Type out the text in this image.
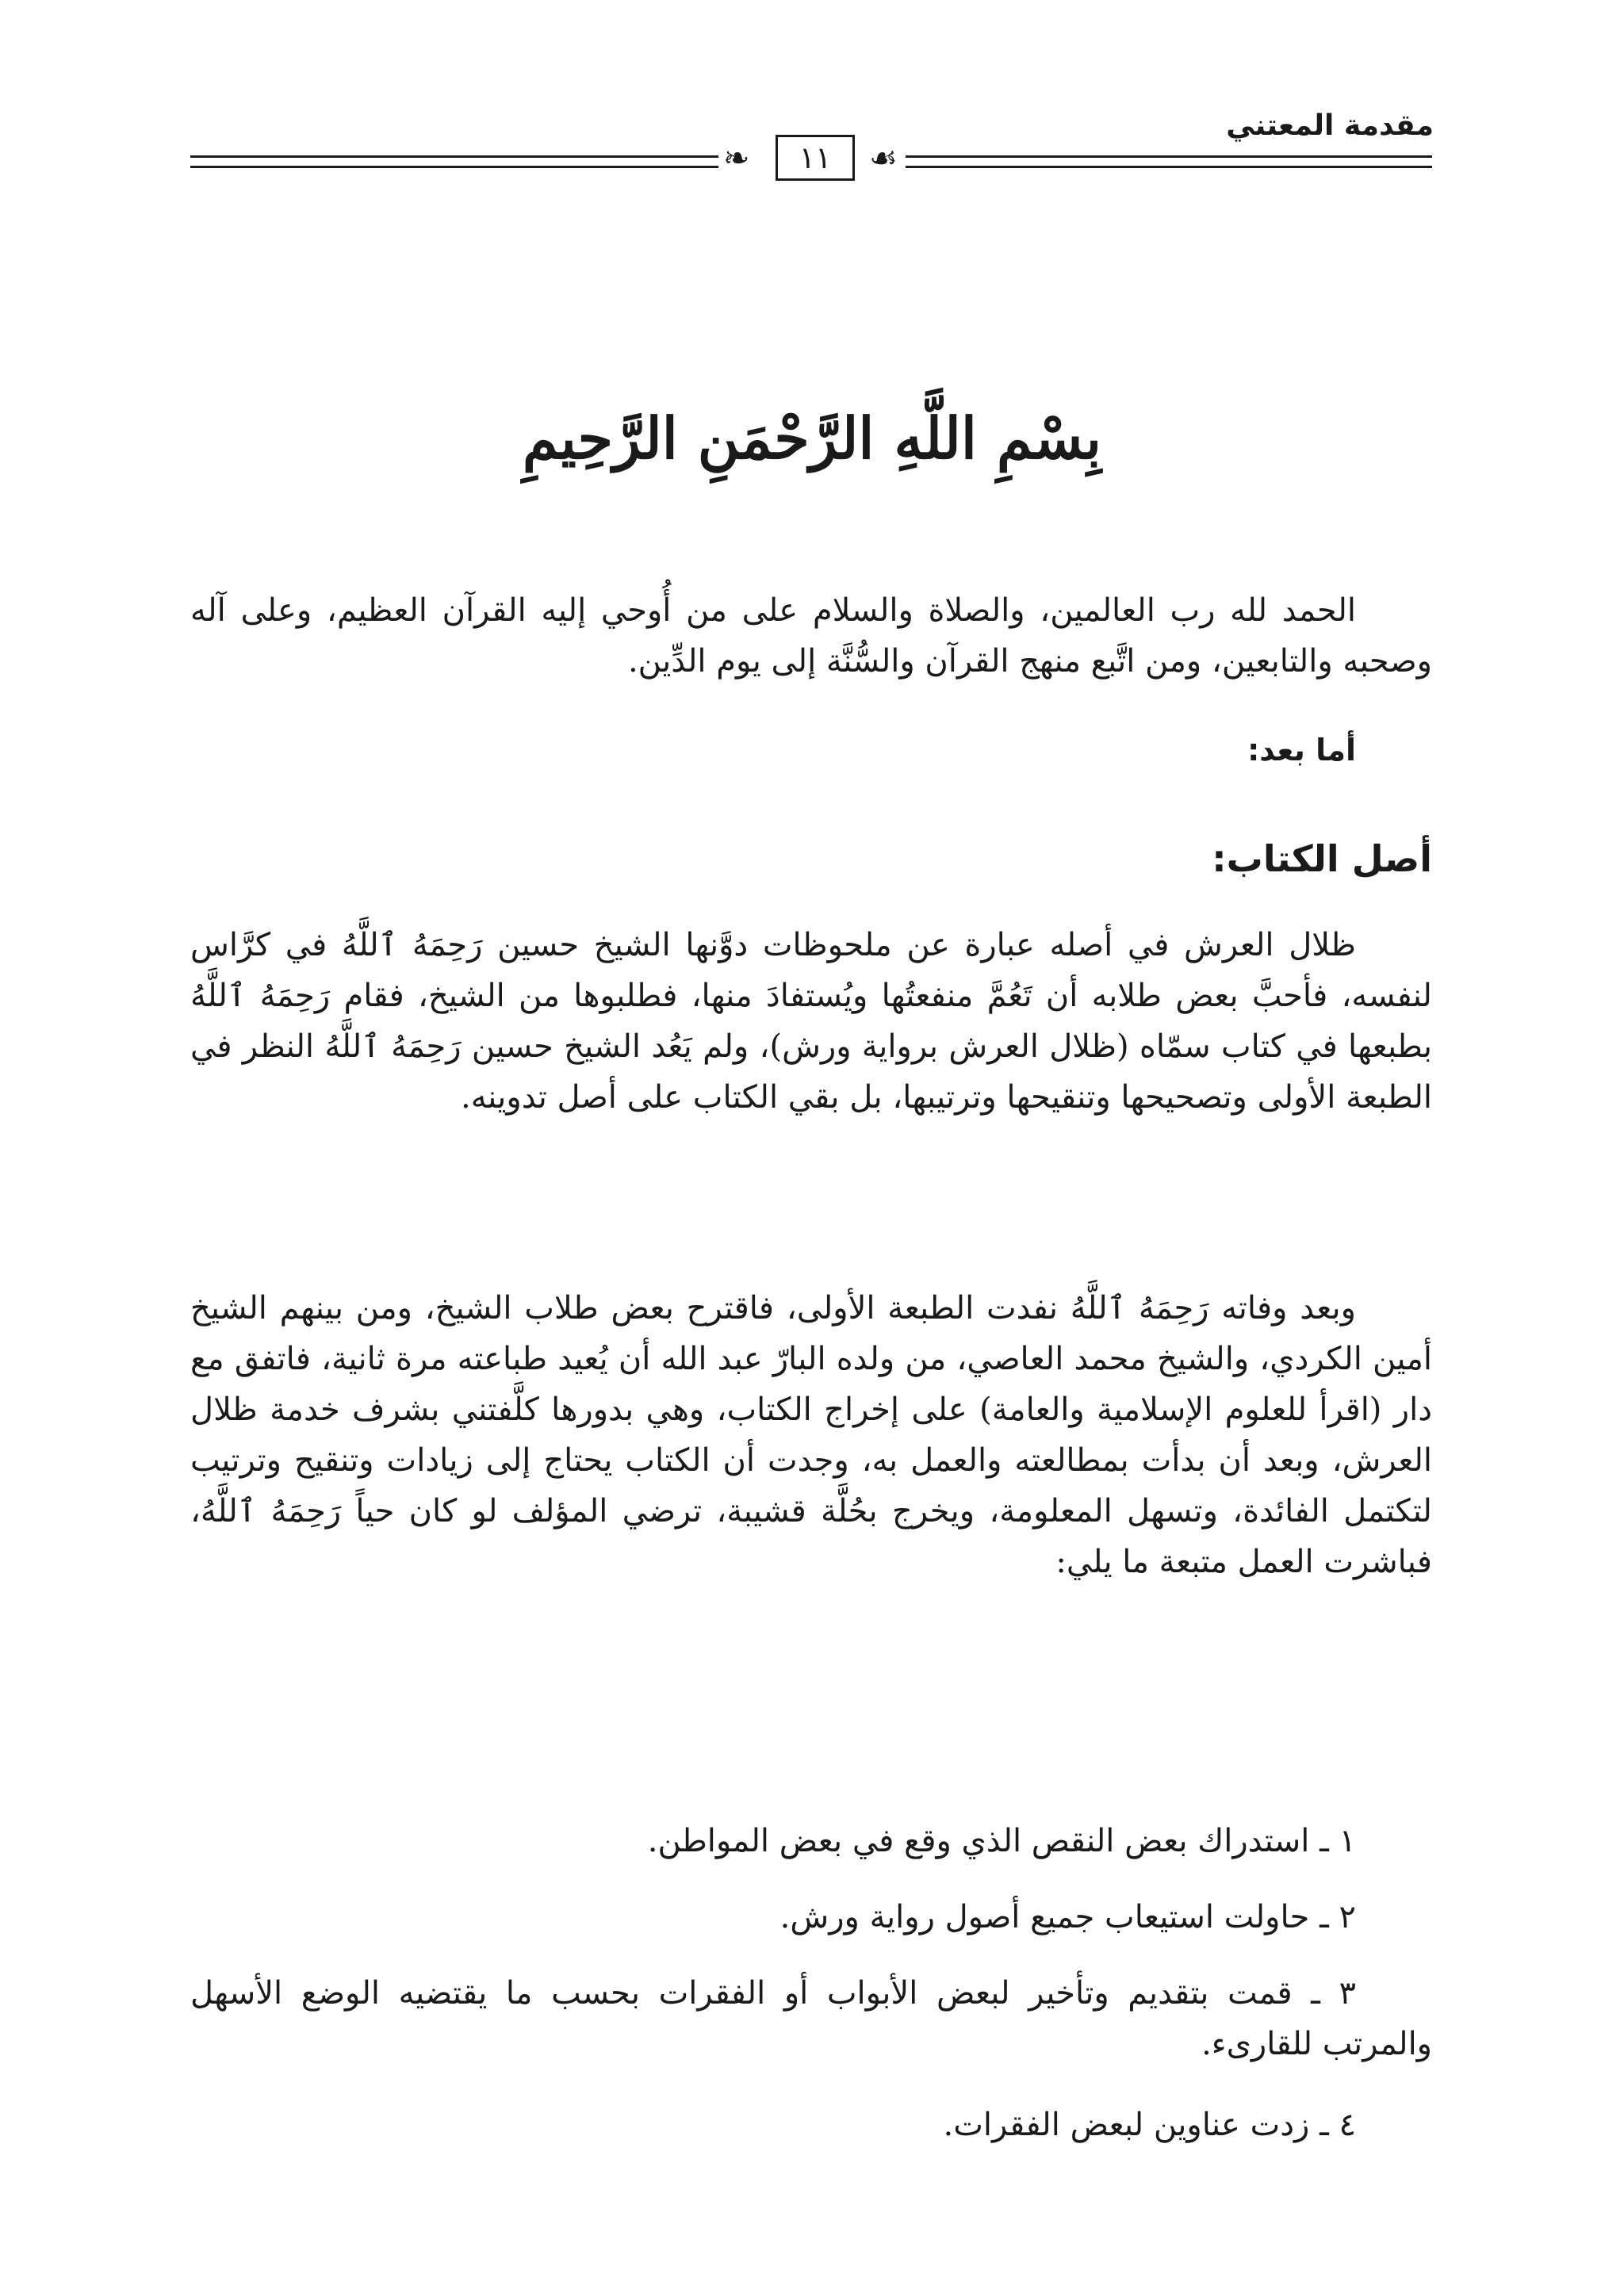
مقدمة المعتني
❧	☙
١١
بِسْمِ اللَّهِ الرَّحْمَنِ الرَّحِيمِ

الحمد لله رب العالمين، والصلاة والسلام على من أُوحي إليه القرآن العظيم، وعلى آله وصحبه والتابعين، ومن اتَّبع منهج القرآن والسُّنَّة إلى يوم الدِّين.

أما بعد:
أصل الكتاب:

ظلال العرش في أصله عبارة عن ملحوظات دوَّنها الشيخ حسين رَحِمَهُ ٱللَّهُ في كرَّاس لنفسه، فأحبَّ بعض طلابه أن تَعُمَّ منفعتُها ويُستفادَ منها، فطلبوها من الشيخ، فقام رَحِمَهُ ٱللَّهُ بطبعها في كتاب سمّاه (ظلال العرش برواية ورش)، ولم يَعُد الشيخ حسين رَحِمَهُ ٱللَّهُ النظر في الطبعة الأولى وتصحيحها وتنقيحها وترتيبها، بل بقي الكتاب على أصل تدوينه.

وبعد وفاته رَحِمَهُ ٱللَّهُ نفدت الطبعة الأولى، فاقترح بعض طلاب الشيخ، ومن بينهم الشيخ أمين الكردي، والشيخ محمد العاصي، من ولده البارّ عبد الله أن يُعيد طباعته مرة ثانية، فاتفق مع دار (اقرأ للعلوم الإسلامية والعامة) على إخراج الكتاب، وهي بدورها كلَّفتني بشرف خدمة ظلال العرش، وبعد أن بدأت بمطالعته والعمل به، وجدت أن الكتاب يحتاج إلى زيادات وتنقيح وترتيب لتكتمل الفائدة، وتسهل المعلومة، ويخرج بحُلَّة قشيبة، ترضي المؤلف لو كان حياً رَحِمَهُ ٱللَّهُ، فباشرت العمل متبعة ما يلي:

١ ـ استدراك بعض النقص الذي وقع في بعض المواطن.
٢ ـ حاولت استيعاب جميع أصول رواية ورش.
٣ ـ قمت بتقديم وتأخير لبعض الأبواب أو الفقرات بحسب ما يقتضيه الوضع الأسهل والمرتب للقارىء.
٤ ـ زدت عناوين لبعض الفقرات.
